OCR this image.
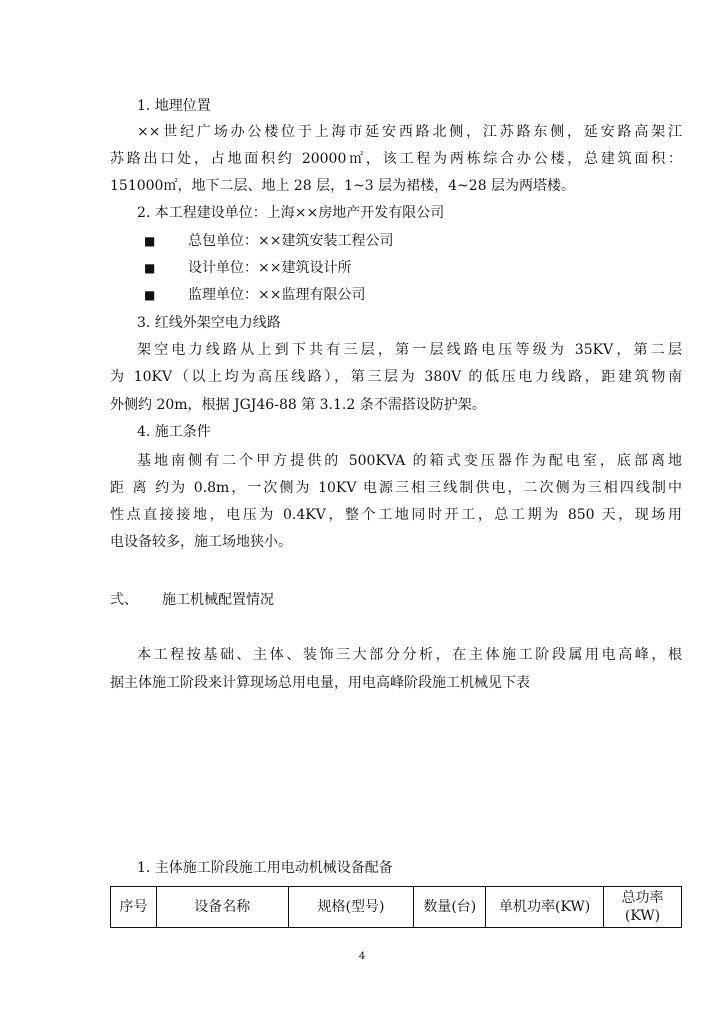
1. 地理位置
××世纪广场办公楼位于上海市延安西路北侧，江苏路东侧，延安路高架江
苏路出口处，占地面积约 20000㎡，该工程为两栋综合办公楼，总建筑面积：
151000㎡，地下二层、地上 28 层，1~3 层为裙楼，4~28 层为两塔楼。
2. 本工程建设单位：上海××房地产开发有限公司
■ 总包单位：××建筑安装工程公司
■ 设计单位：××建筑设计所
■ 监理单位：××监理有限公司
3. 红线外架空电力线路
架空电力线路从上到下共有三层，第一层线路电压等级为 35KV，第二层
为 10KV（以上均为高压线路），第三层为 380V 的低压电力线路，距建筑物南
外侧约 20m，根据 JGJ46-88 第 3.1.2 条不需搭设防护架。
4. 施工条件
基地南侧有二个甲方提供的 500KVA 的箱式变压器作为配电室，底部离地
距 离 约为 0.8m，一次侧为 10KV 电源三相三线制供电，二次侧为三相四线制中
性点直接接地，电压为 0.4KV，整个工地同时开工，总工期为 850 天，现场用
电设备较多，施工场地狭小。
弍、 施工机械配置情况
本工程按基础、主体、装饰三大部分分析，在主体施工阶段属用电高峰，根
据主体施工阶段来计算现场总用电量，用电高峰阶段施工机械见下表
1. 主体施工阶段施工用电动机械设备配备
序号	设备名称	规格(型号)	数量(台)	单机功率(KW)	总功率(KW)
4
